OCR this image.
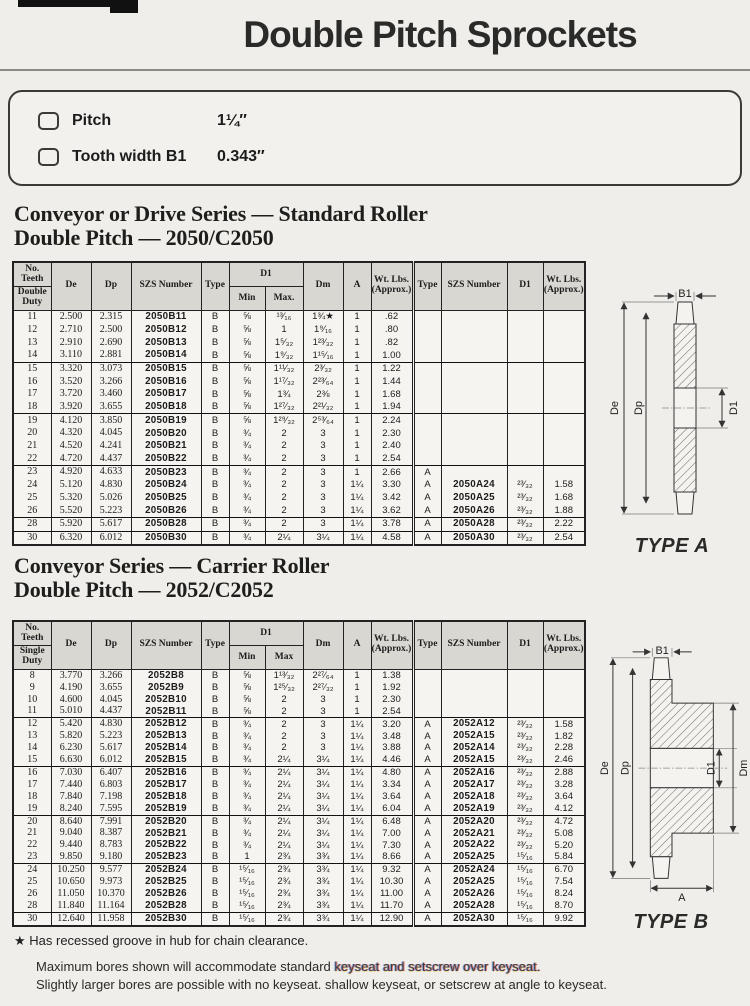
Double Pitch Sprockets
Pitch	1¼″
Tooth width B1	0.343″
Conveyor or Drive Series — Standard Roller
Double Pitch — 2050/C2050
No. Teeth
Double Duty	De	Dp	SZS Number	Type	D1		Dm	A	Wt. Lbs. (Approx.)	Type	SZS Number	D1	Wt. Lbs. (Approx.)
					Min	Max.							
11	2.500	2.315	2050B11	B	⅝	¹³⁄₁₆	1¾★	1	.62				
12	2.710	2.500	2050B12	B	⅝	1	1⁹⁄₁₆	1	.80				
13	2.910	2.690	2050B13	B	⅝	1⁵⁄₃₂	1²³⁄₃₂	1	.82				
14	3.110	2.881	2050B14	B	⅝	1⁹⁄₃₂	1¹⁵⁄₁₆	1	1.00				
15	3.320	3.073	2050B15	B	⅝	1¹¹⁄₃₂	2³⁄₃₂	1	1.22				
16	3.520	3.266	2050B16	B	⅝	1¹⁷⁄₃₂	2²³⁄₆₄	1	1.44				
17	3.720	3.460	2050B17	B	⅝	1¾	2⅜	1	1.68				
18	3.920	3.655	2050B18	B	⅝	1²⁷⁄₃₂	2²¹⁄₃₂	1	1.94				
19	4.120	3.850	2050B19	B	⅝	1²⁹⁄₃₂	2⁵³⁄₆₄	1	2.24				
20	4.320	4.045	2050B20	B	¾	2	3	1	2.30				
21	4.520	4.241	2050B21	B	¾	2	3	1	2.40				
22	4.720	4.437	2050B22	B	¾	2	3	1	2.54				
23	4.920	4.633	2050B23	B	¾	2	3	1	2.66	A			
24	5.120	4.830	2050B24	B	¾	2	3	1¼	3.30	A	2050A24	²³⁄₃₂	1.58
25	5.320	5.026	2050B25	B	¾	2	3	1¼	3.42	A	2050A25	²³⁄₃₂	1.68
26	5.520	5.223	2050B26	B	¾	2	3	1¼	3.62	A	2050A26	²³⁄₃₂	1.88
28	5.920	5.617	2050B28	B	¾	2	3	1¼	3.78	A	2050A28	²³⁄₃₂	2.22
30	6.320	6.012	2050B30	B	¾	2¼	3¼	1¼	4.58	A	2050A30	²³⁄₃₂	2.54
B1
De Dp	D1
TYPE A
Conveyor Series — Carrier Roller
Double Pitch — 2052/C2052
No. Teeth
Single Duty	De	Dp	SZS Number	Type	D1		Dm	A	Wt. Lbs. (Approx.)	Type	SZS Number	D1	Wt. Lbs. (Approx.)
					Min	Max							
8	3.770	3.266	2052B8	B	⅝	1¹³⁄₃₂	2²⁷⁄₆₄	1	1.38				
9	4.190	3.655	2052B9	B	⅝	1²⁵⁄₃₂	2²⁷⁄₃₂	1	1.92				
10	4.600	4.045	2052B10	B	⅝	2	3	1	2.30				
11	5.010	4.437	2052B11	B	⅝	2	3	1	2.54				
12	5.420	4.830	2052B12	B	¾	2	3	1¼	3.20	A	2052A12	²³⁄₃₂	1.58
13	5.820	5.223	2052B13	B	¾	2	3	1¼	3.48	A	2052A15	²³⁄₃₂	1.82
14	6.230	5.617	2052B14	B	¾	2	3	1¼	3.88	A	2052A14	²³⁄₃₂	2.28
15	6.630	6.012	2052B15	B	¾	2¼	3¼	1¼	4.46	A	2052A15	²³⁄₃₂	2.46
16	7.030	6.407	2052B16	B	¾	2¼	3¼	1¼	4.80	A	2052A16	²³⁄₃₂	2.88
17	7.440	6.803	2052B17	B	¾	2¼	3¼	1¼	3.34	A	2052A17	²³⁄₃₂	3.28
18	7.840	7.198	2052B18	B	¾	2¼	3¼	1¼	3.64	A	2052A18	²³⁄₃₂	3.64
19	8.240	7.595	2052B19	B	¾	2¼	3¼	1¼	6.04	A	2052A19	²³⁄₃₂	4.12
20	8.640	7.991	2052B20	B	¾	2¼	3¼	1¼	6.48	A	2052A20	²³⁄₃₂	4.72
21	9.040	8.387	2052B21	B	¾	2¼	3¼	1¼	7.00	A	2052A21	²³⁄₃₂	5.08
22	9.440	8.783	2052B22	B	¾	2¼	3¼	1¼	7.30	A	2052A22	²³⁄₃₂	5.20
23	9.850	9.180	2052B23	B	1	2¾	3¾	1¼	8.66	A	2052A25	¹⁵⁄₁₆	5.84
24	10.250	9.577	2052B24	B	¹⁵⁄₁₆	2¾	3¾	1¼	9.32	A	2052A24	¹⁵⁄₁₆	6.70
25	10.650	9.973	2052B25	B	¹⁵⁄₁₆	2¾	3¾	1¼	10.30	A	2052A25	¹⁵⁄₁₆	7.54
26	11.050	10.370	2052B26	B	¹⁵⁄₁₆	2¾	3¾	1¼	11.00	A	2052A26	¹⁵⁄₁₆	8.24
28	11.840	11.164	2052B28	B	¹⁵⁄₁₆	2¾	3¾	1¼	11.70	A	2052A28	¹⁵⁄₁₆	8.70
30	12.640	11.958	2052B30	B	¹⁵⁄₁₆	2¾	3¾	1¼	12.90	A	2052A30	¹⁵⁄₁₆	9.92
B1
De Dp	D1 Dm
A
TYPE B
★ Has recessed groove in hub for chain clearance.
Maximum bores shown will accommodate standard keyseat and setscrew over keyseat.
Slightly larger bores are possible with no keyseat. shallow keyseat, or setscrew at angle to keyseat.
